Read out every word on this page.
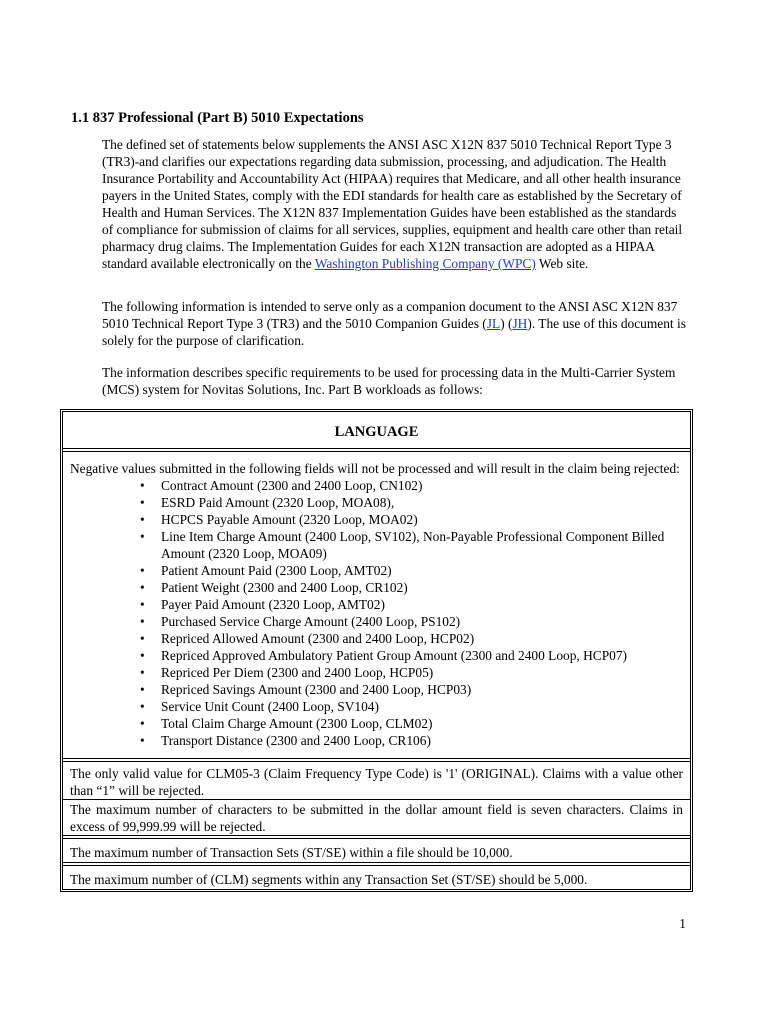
1.1 837 Professional (Part B) 5010 Expectations

The defined set of statements below supplements the ANSI ASC X12N 837 5010 Technical Report Type 3 (TR3)-and clarifies our expectations regarding data submission, processing, and adjudication. The Health Insurance Portability and Accountability Act (HIPAA) requires that Medicare, and all other health insurance payers in the United States, comply with the EDI standards for health care as established by the Secretary of Health and Human Services. The X12N 837 Implementation Guides have been established as the standards of compliance for submission of claims for all services, supplies, equipment and health care other than retail pharmacy drug claims. The Implementation Guides for each X12N transaction are adopted as a HIPAA standard available electronically on the Washington Publishing Company (WPC) Web site.

The following information is intended to serve only as a companion document to the ANSI ASC X12N 837 5010 Technical Report Type 3 (TR3) and the 5010 Companion Guides (JL) (JH). The use of this document is solely for the purpose of clarification.

The information describes specific requirements to be used for processing data in the Multi-Carrier System (MCS) system for Novitas Solutions, Inc. Part B workloads as follows:

LANGUAGE
Negative values submitted in the following fields will not be processed and will result in the claim being rejected:
• Contract Amount (2300 and 2400 Loop, CN102)
• ESRD Paid Amount (2320 Loop, MOA08),
• HCPCS Payable Amount (2320 Loop, MOA02)
• Line Item Charge Amount (2400 Loop, SV102), Non-Payable Professional Component Billed Amount (2320 Loop, MOA09)
• Patient Amount Paid (2300 Loop, AMT02)
• Patient Weight (2300 and 2400 Loop, CR102)
• Payer Paid Amount (2320 Loop, AMT02)
• Purchased Service Charge Amount (2400 Loop, PS102)
• Repriced Allowed Amount (2300 and 2400 Loop, HCP02)
• Repriced Approved Ambulatory Patient Group Amount (2300 and 2400 Loop, HCP07)
• Repriced Per Diem (2300 and 2400 Loop, HCP05)
• Repriced Savings Amount (2300 and 2400 Loop, HCP03)
• Service Unit Count (2400 Loop, SV104)
• Total Claim Charge Amount (2300 Loop, CLM02)
• Transport Distance (2300 and 2400 Loop, CR106)
The only valid value for CLM05-3 (Claim Frequency Type Code) is '1' (ORIGINAL). Claims with a value other than “1” will be rejected.
The maximum number of characters to be submitted in the dollar amount field is seven characters. Claims in excess of 99,999.99 will be rejected.
The maximum number of Transaction Sets (ST/SE) within a file should be 10,000.
The maximum number of (CLM) segments within any Transaction Set (ST/SE) should be 5,000.
1
